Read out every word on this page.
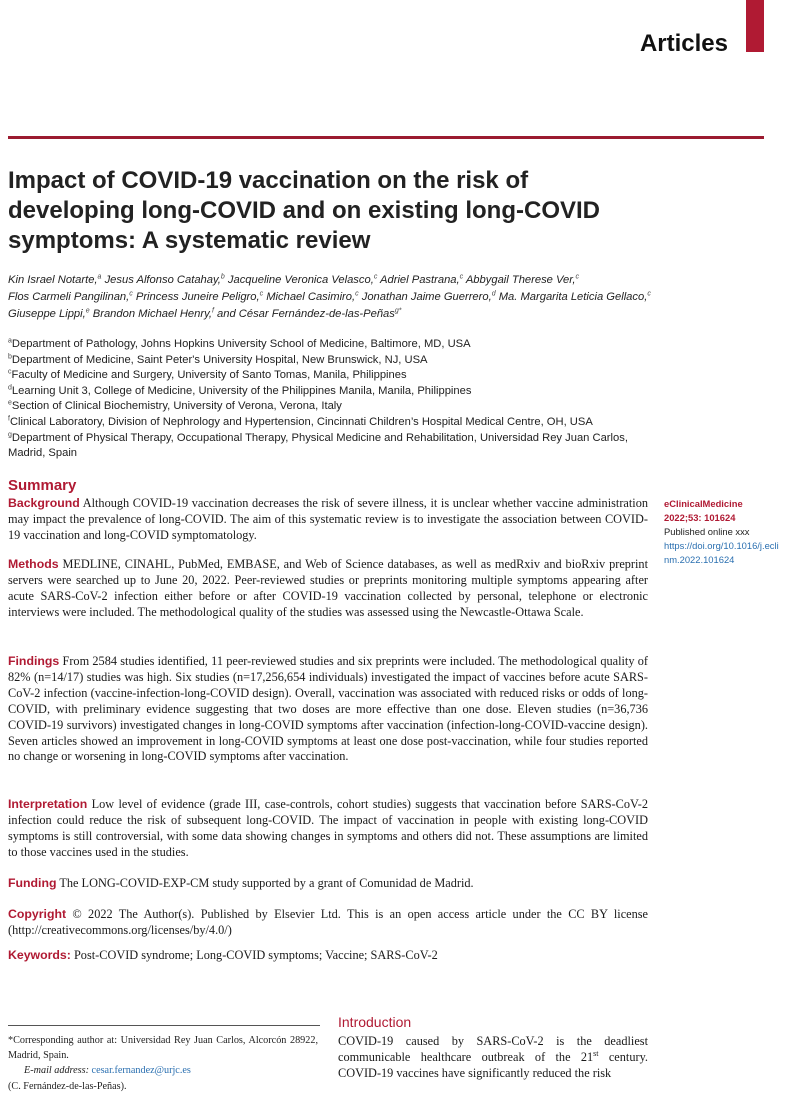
Articles
Impact of COVID-19 vaccination on the risk of developing long-COVID and on existing long-COVID symptoms: A systematic review
Kin Israel Notarte,$^a$ Jesus Alfonso Catahay,$^b$ Jacqueline Veronica Velasco,$^c$ Adriel Pastrana,$^c$ Abbygail Therese Ver,$^c$
Flos Carmeli Pangilinan,$^c$ Princess Juneire Peligro,$^c$ Michael Casimiro,$^c$ Jonathan Jaime Guerrero,$^d$ Ma. Margarita Leticia Gellaco,$^c$
Giuseppe Lippi,$^e$ Brandon Michael Henry,$^f$ and César Fernández-de-las-Peñas$^{g*}$
$^a$Department of Pathology, Johns Hopkins University School of Medicine, Baltimore, MD, USA
$^b$Department of Medicine, Saint Peter's University Hospital, New Brunswick, NJ, USA
$^c$Faculty of Medicine and Surgery, University of Santo Tomas, Manila, Philippines
$^d$Learning Unit 3, College of Medicine, University of the Philippines Manila, Manila, Philippines
$^e$Section of Clinical Biochemistry, University of Verona, Verona, Italy
$^f$Clinical Laboratory, Division of Nephrology and Hypertension, Cincinnati Children’s Hospital Medical Centre, OH, USA
$^g$Department of Physical Therapy, Occupational Therapy, Physical Medicine and Rehabilitation, Universidad Rey Juan Carlos, Madrid, Spain
Summary
Background Although COVID-19 vaccination decreases the risk of severe illness, it is unclear whether vaccine administration may impact the prevalence of long-COVID. The aim of this systematic review is to investigate the association between COVID-19 vaccination and long-COVID symptomatology.
Methods MEDLINE, CINAHL, PubMed, EMBASE, and Web of Science databases, as well as medRxiv and bioRxiv preprint servers were searched up to June 20, 2022. Peer-reviewed studies or preprints monitoring multiple symptoms appearing after acute SARS-CoV-2 infection either before or after COVID-19 vaccination collected by personal, telephone or electronic interviews were included. The methodological quality of the studies was assessed using the Newcastle-Ottawa Scale.
Findings From 2584 studies identified, 11 peer-reviewed studies and six preprints were included. The methodological quality of 82% (n=14/17) studies was high. Six studies (n=17,256,654 individuals) investigated the impact of vaccines before acute SARS-CoV-2 infection (vaccine-infection-long-COVID design). Overall, vaccination was associated with reduced risks or odds of long-COVID, with preliminary evidence suggesting that two doses are more effective than one dose. Eleven studies (n=36,736 COVID-19 survivors) investigated changes in long-COVID symptoms after vaccination (infection-long-COVID-vaccine design). Seven articles showed an improvement in long-COVID symptoms at least one dose post-vaccination, while four studies reported no change or worsening in long-COVID symptoms after vaccination.
Interpretation Low level of evidence (grade III, case-controls, cohort studies) suggests that vaccination before SARS-CoV-2 infection could reduce the risk of subsequent long-COVID. The impact of vaccination in people with existing long-COVID symptoms is still controversial, with some data showing changes in symptoms and others did not. These assumptions are limited to those vaccines used in the studies.
Funding The LONG-COVID-EXP-CM study supported by a grant of Comunidad de Madrid.
Copyright © 2022 The Author(s). Published by Elsevier Ltd. This is an open access article under the CC BY license (http://creativecommons.org/licenses/by/4.0/)
Keywords: Post-COVID syndrome; Long-COVID symptoms; Vaccine; SARS-CoV-2
eClinicalMedicine
2022;53: 101624
Published online xxx
https://doi.org/10.1016/j.eclinm.2022.101624
*Corresponding author at: Universidad Rey Juan Carlos, Alcorcón 28922, Madrid, Spain.
E-mail address: cesar.fernandez@urjc.es
(C. Fernández-de-las-Peñas).
Introduction
COVID-19 caused by SARS-CoV-2 is the deadliest communicable healthcare outbreak of the 21st century. COVID-19 vaccines have significantly reduced the risk
